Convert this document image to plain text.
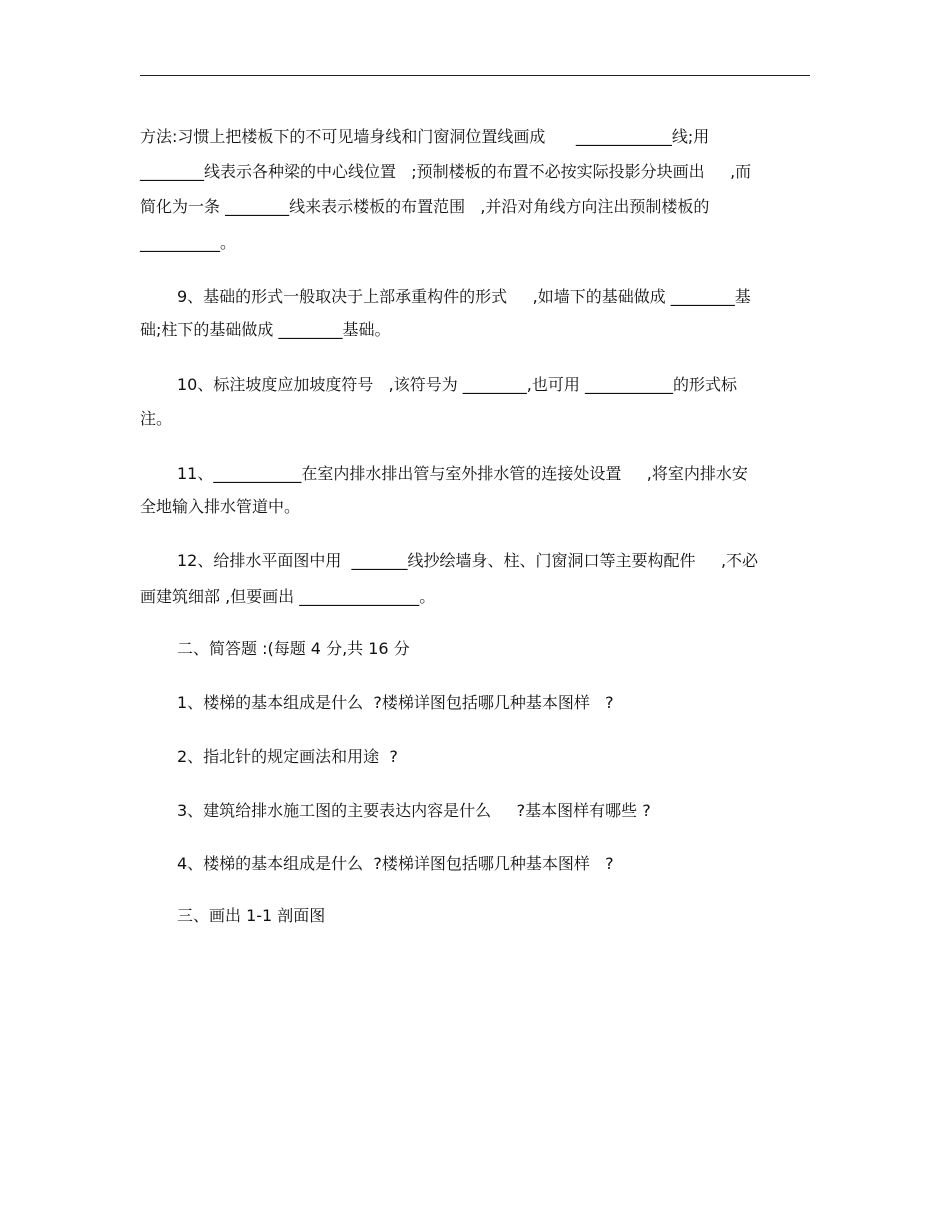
方法:习惯上把楼板下的不可见墙身线和门窗洞位置线画成      ____________线;用
________线表示各种梁的中心线位置   ;预制楼板的布置不必按实际投影分块画出     ,而
简化为一条 ________线来表示楼板的布置范围   ,并沿对角线方向注出预制楼板的
__________。
9、基础的形式一般取决于上部承重构件的形式     ,如墙下的基础做成 ________基
础;柱下的基础做成 ________基础。
10、标注坡度应加坡度符号   ,该符号为 ________,也可用 ___________的形式标
注。
11、___________在室内排水排出管与室外排水管的连接处设置     ,将室内排水安
全地输入排水管道中。
12、给排水平面图中用  _______线抄绘墙身、柱、门窗洞口等主要构配件     ,不必
画建筑细部 ,但要画出 _______________。
二、简答题 :(每题 4 分,共 16 分
1、楼梯的基本组成是什么  ?楼梯详图包括哪几种基本图样   ?
2、指北针的规定画法和用途  ?
3、建筑给排水施工图的主要表达内容是什么     ?基本图样有哪些 ?
4、楼梯的基本组成是什么  ?楼梯详图包括哪几种基本图样   ?
三、画出 1-1 剖面图
